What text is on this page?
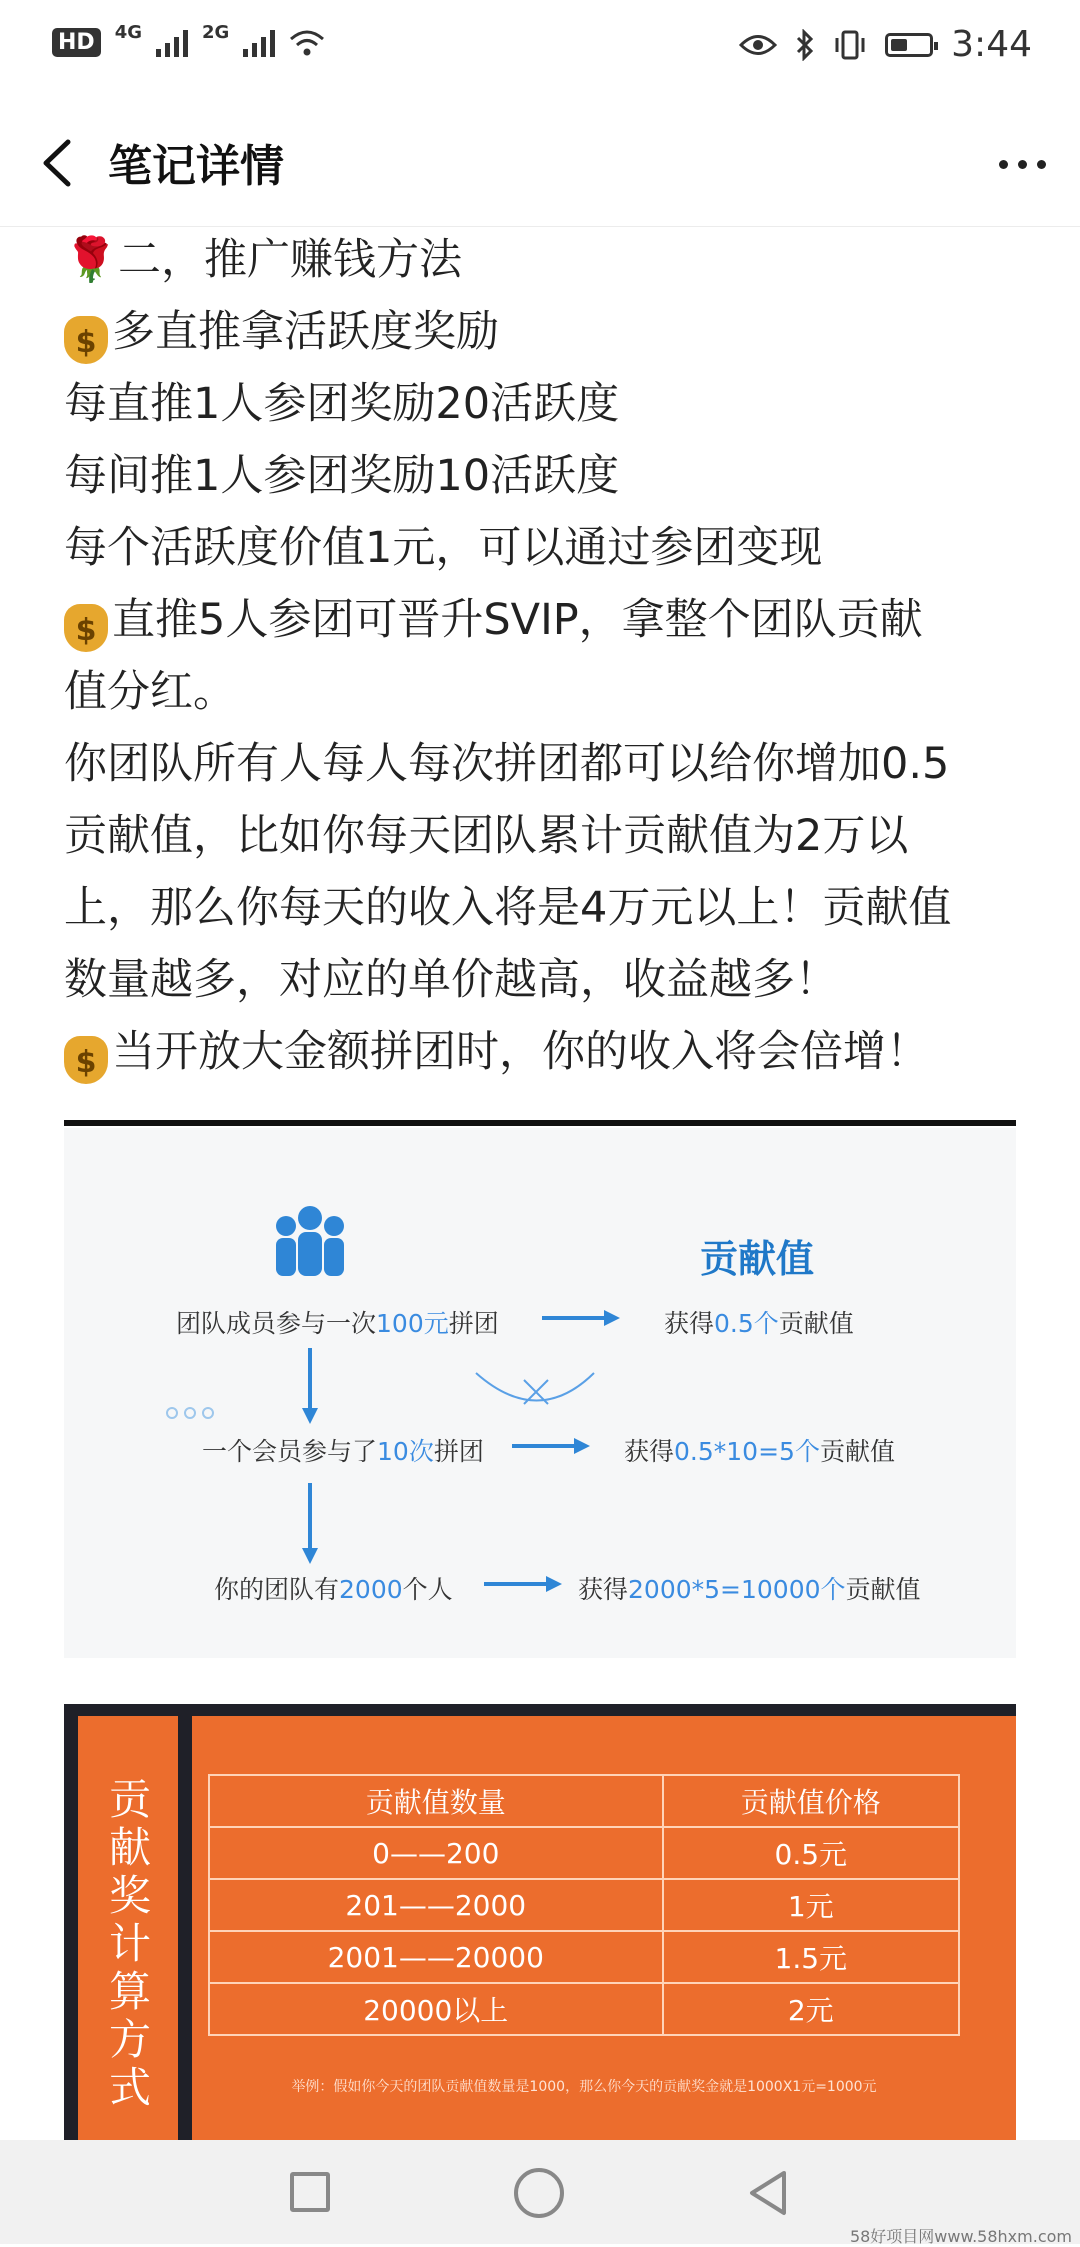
HD	4G	2G	3:44
笔记详情
🌹二，推广赚钱方法
$ 多直推拿活跃度奖励
每直推1人参团奖励20活跃度
每间推1人参团奖励10活跃度
每个活跃度价值1元，可以通过参团变现
$ 直推5人参团可晋升SVIP，拿整个团队贡献
值分红。
你团队所有人每人每次拼团都可以给你增加0.5
贡献值，比如你每天团队累计贡献值为2万以
上，那么你每天的收入将是4万元以上！贡献值
数量越多，对应的单价越高，收益越多！
$ 当开放大金额拼团时，你的收入将会倍增！
贡献值
团队成员参与一次100元拼团	获得0.5个贡献值
一个会员参与了10次拼团	获得0.5*10=5个贡献值
你的团队有2000个人	获得2000*5=10000个贡献值
贡献奖计算方式
贡献值数量	贡献值价格
0——200	0.5元
201——2000	1元
2001——20000	1.5元
20000以上	2元
举例：假如你今天的团队贡献值数量是1000，那么你今天的贡献奖金就是1000X1元=1000元
58好项目网www.58hxm.com
